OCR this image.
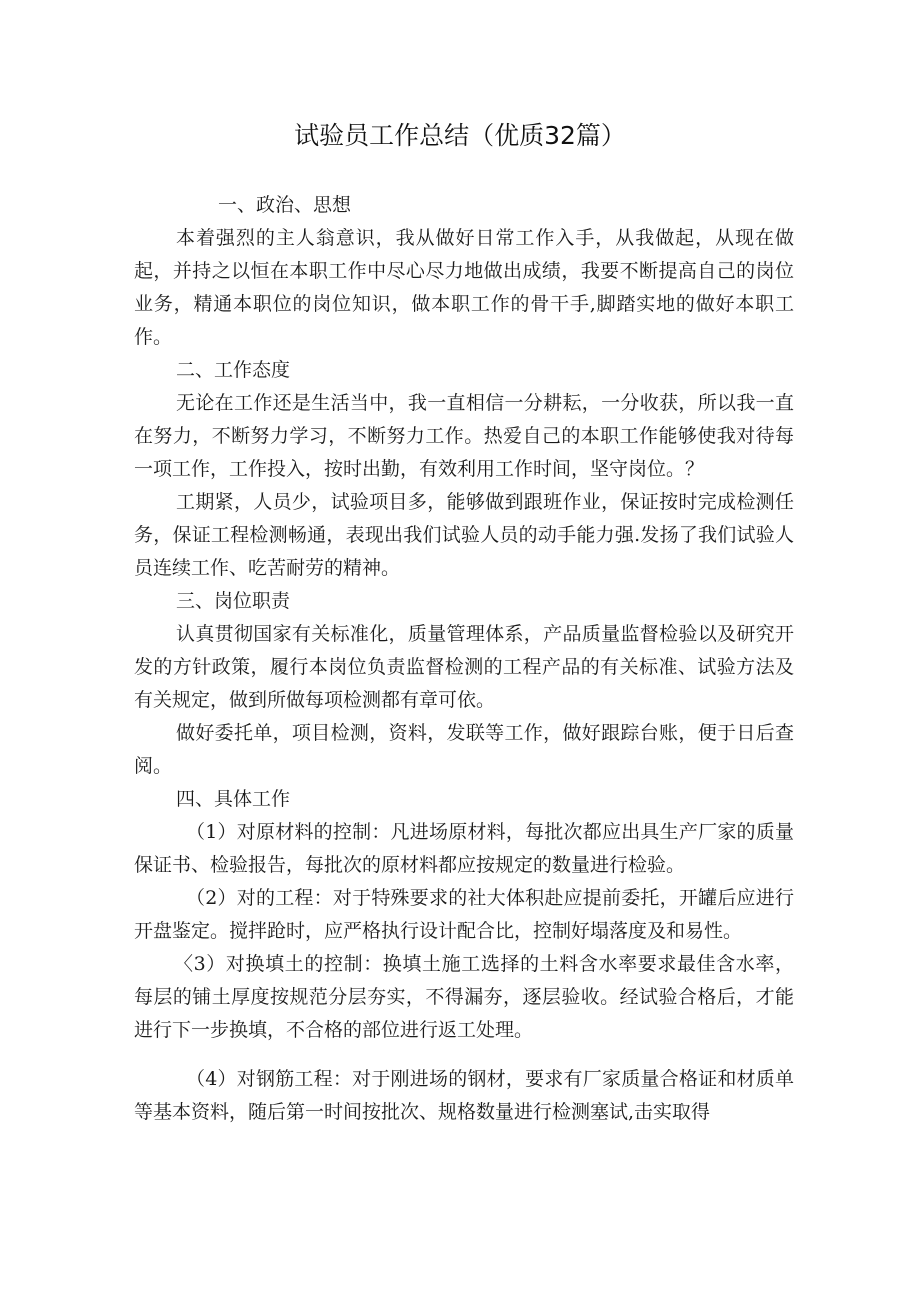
试验员工作总结（优质32篇）

一、政治、思想

本着强烈的主人翁意识，我从做好日常工作入手，从我做起，从现在做起，并持之以恒在本职工作中尽心尽力地做出成绩，我要不断提高自己的岗位业务，精通本职位的岗位知识，做本职工作的骨干手,脚踏实地的做好本职工作。

二、工作态度

无论在工作还是生活当中，我一直相信一分耕耘，一分收获，所以我一直在努力，不断努力学习，不断努力工作。热爱自己的本职工作能够使我对待每一项工作，工作投入，按时出勤，有效利用工作时间，坚守岗位。？

工期紧，人员少，试验项目多，能够做到跟班作业，保证按时完成检测任务，保证工程检测畅通，表现出我们试验人员的动手能力强.发扬了我们试验人员连续工作、吃苦耐劳的精神。

三、岗位职责

认真贯彻国家有关标准化，质量管理体系，产品质量监督检验以及研究开发的方针政策，履行本岗位负责监督检测的工程产品的有关标准、试验方法及有关规定，做到所做每项检测都有章可依。

做好委托单，项目检测，资料，发联等工作，做好跟踪台账，便于日后查阅。

四、具体工作

（1）对原材料的控制：凡进场原材料，每批次都应出具生产厂家的质量保证书、检验报告，每批次的原材料都应按规定的数量进行检验。

（2）对的工程：对于特殊要求的社大体积赴应提前委托，开罐后应进行开盘鉴定。搅拌跄时，应严格执行设计配合比，控制好塌落度及和易性。

〈3）对换填土的控制：换填土施工选择的土料含水率要求最佳含水率，每层的铺土厚度按规范分层夯实，不得漏夯，逐层验收。经试验合格后，才能进行下一步换填，不合格的部位进行返工处理。

（4）对钢筋工程：对于刚进场的钢材，要求有厂家质量合格证和材质单等基本资料，随后第一时间按批次、规格数量进行检测塞试,击实取得
